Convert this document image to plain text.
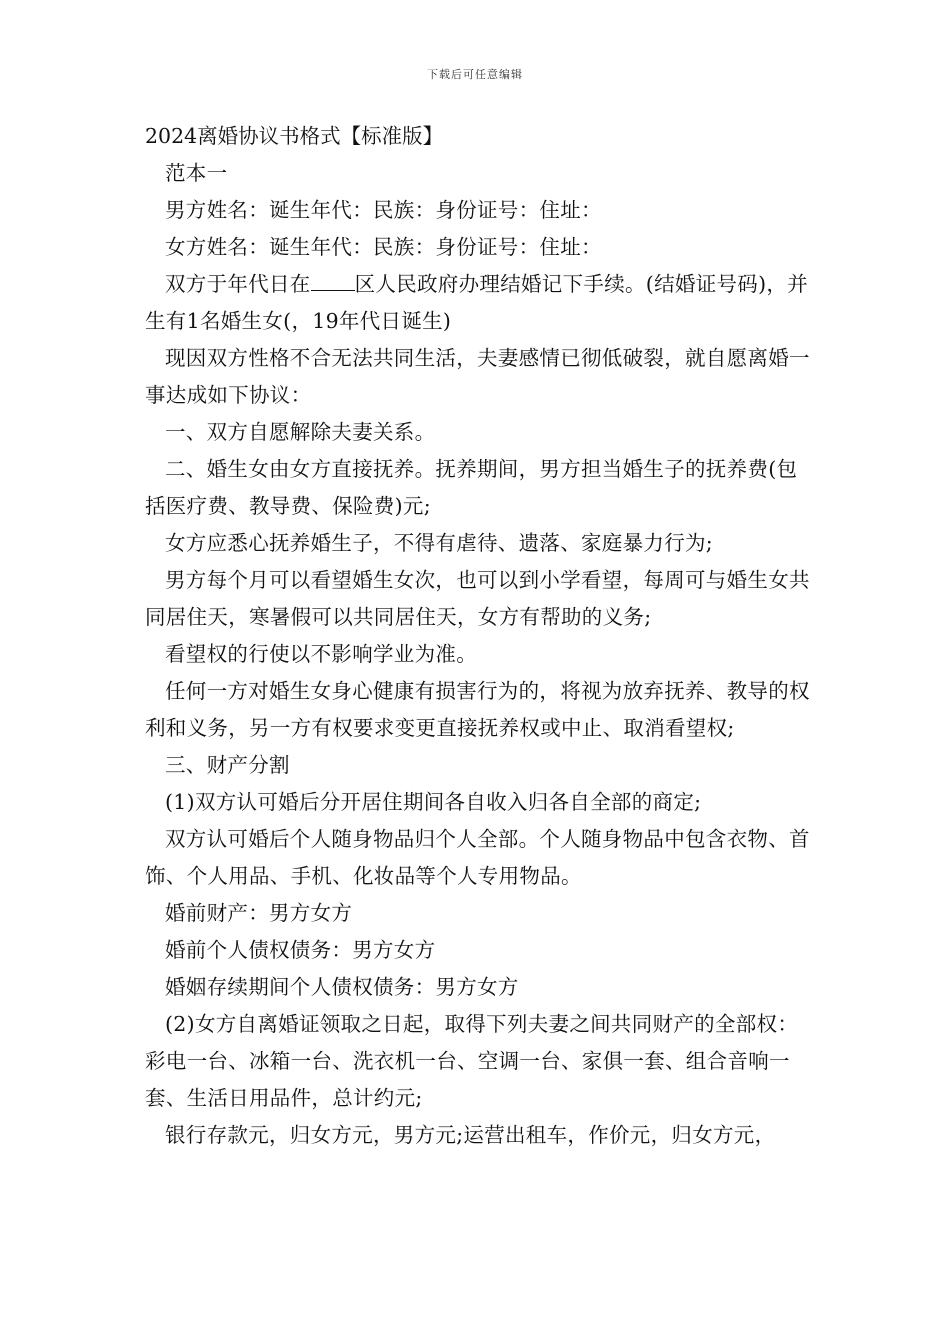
下载后可任意编辑
2024离婚协议书格式【标准版】

范本一

男方姓名：诞生年代：民族：身份证号：住址：

女方姓名：诞生年代：民族：身份证号：住址：

双方于年代日在 区人民政府办理结婚记下手续。(结婚证号码)，并生有1名婚生女(，19年代日诞生)

现因双方性格不合无法共同生活，夫妻感情已彻低破裂，就自愿离婚一事达成如下协议：

一、双方自愿解除夫妻关系。

二、婚生女由女方直接抚养。抚养期间，男方担当婚生子的抚养费(包括医疗费、教导费、保险费)元;

女方应悉心抚养婚生子，不得有虐待、遗落、家庭暴力行为;

男方每个月可以看望婚生女次，也可以到小学看望，每周可与婚生女共同居住天，寒暑假可以共同居住天，女方有帮助的义务;

看望权的行使以不影响学业为准。

任何一方对婚生女身心健康有损害行为的，将视为放弃抚养、教导的权利和义务，另一方有权要求变更直接抚养权或中止、取消看望权;

三、财产分割

(1)双方认可婚后分开居住期间各自收入归各自全部的商定;

双方认可婚后个人随身物品归个人全部。个人随身物品中包含衣物、首饰、个人用品、手机、化妆品等个人专用物品。

婚前财产：男方女方

婚前个人债权债务：男方女方

婚姻存续期间个人债权债务：男方女方

(2)女方自离婚证领取之日起，取得下列夫妻之间共同财产的全部权：彩电一台、冰箱一台、洗衣机一台、空调一台、家俱一套、组合音响一套、生活日用品件，总计约元;

银行存款元，归女方元，男方元;运营出租车，作价元，归女方元，
